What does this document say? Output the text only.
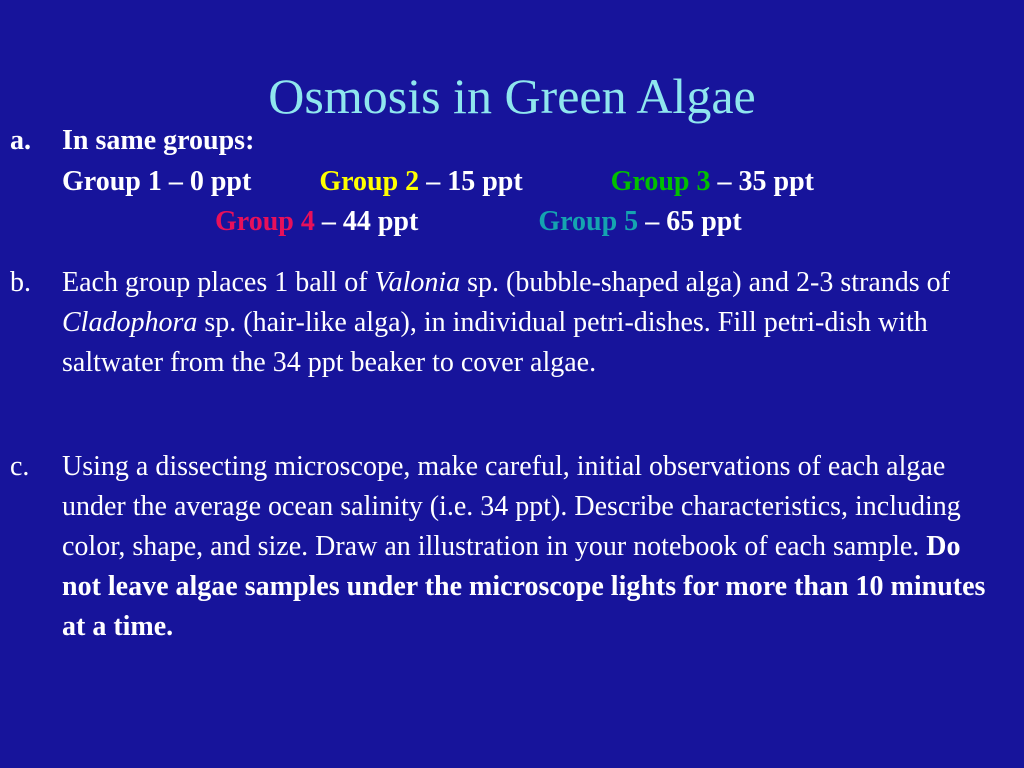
Osmosis in Green Algae
a. In same groups:
Group 1 – 0 ppt Group 2 – 15 ppt	Group 3 – 35 ppt
Group 4 – 44 ppt	Group 5 – 65 ppt
b. Each group places 1 ball of Valonia sp. (bubble-shaped alga) and 2-3 strands of Cladophora sp. (hair-like alga), in individual petri-dishes. Fill petri-dish with saltwater from the 34 ppt beaker to cover algae.
c. Using a dissecting microscope, make careful, initial observations of each algae under the average ocean salinity (i.e. 34 ppt). Describe characteristics, including color, shape, and size. Draw an illustration in your notebook of each sample. Do not leave algae samples under the microscope lights for more than 10 minutes at a time.
